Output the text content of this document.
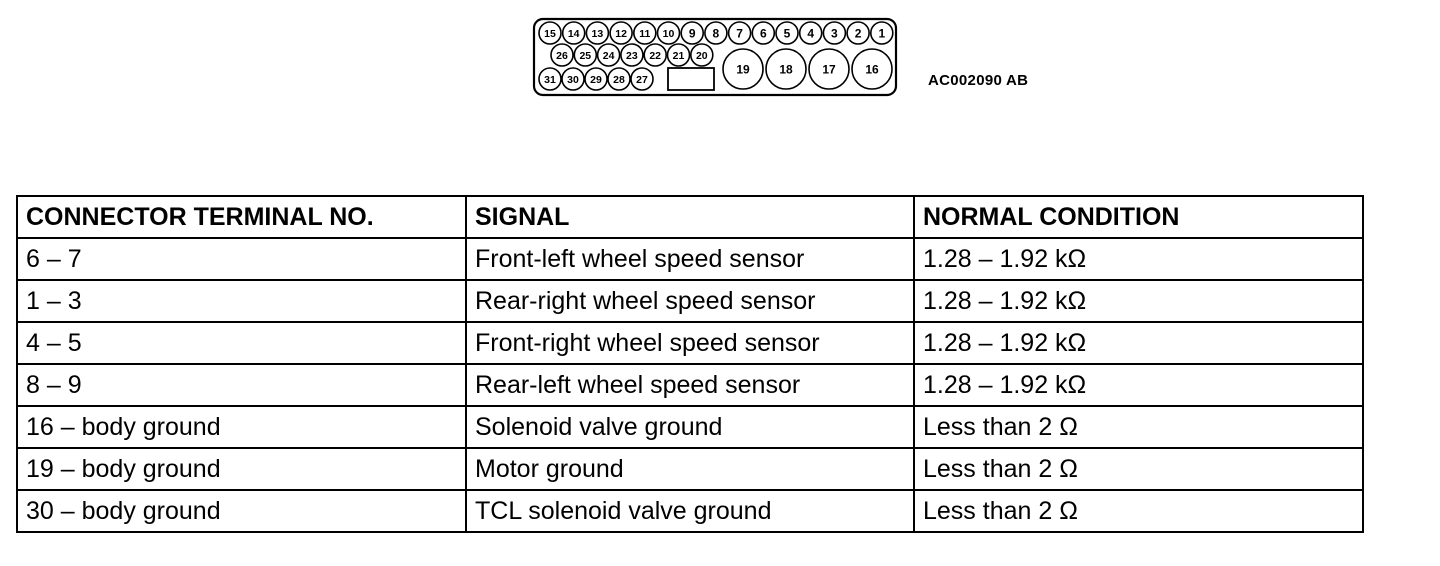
15 14 13 12 11 10 9 8 7 6 5 4 3 2 1
26 25 24 23 22 21 20
31 30 29 28 27
19 18 17 16
AC002090 AB
CONNECTOR TERMINAL NO.	SIGNAL	NORMAL CONDITION
6 – 7	Front-left wheel speed sensor	1.28 – 1.92 kΩ
1 – 3	Rear-right wheel speed sensor	1.28 – 1.92 kΩ
4 – 5	Front-right wheel speed sensor	1.28 – 1.92 kΩ
8 – 9	Rear-left wheel speed sensor	1.28 – 1.92 kΩ
16 – body ground	Solenoid valve ground	Less than 2 Ω
19 – body ground	Motor ground	Less than 2 Ω
30 – body ground	TCL solenoid valve ground	Less than 2 Ω
